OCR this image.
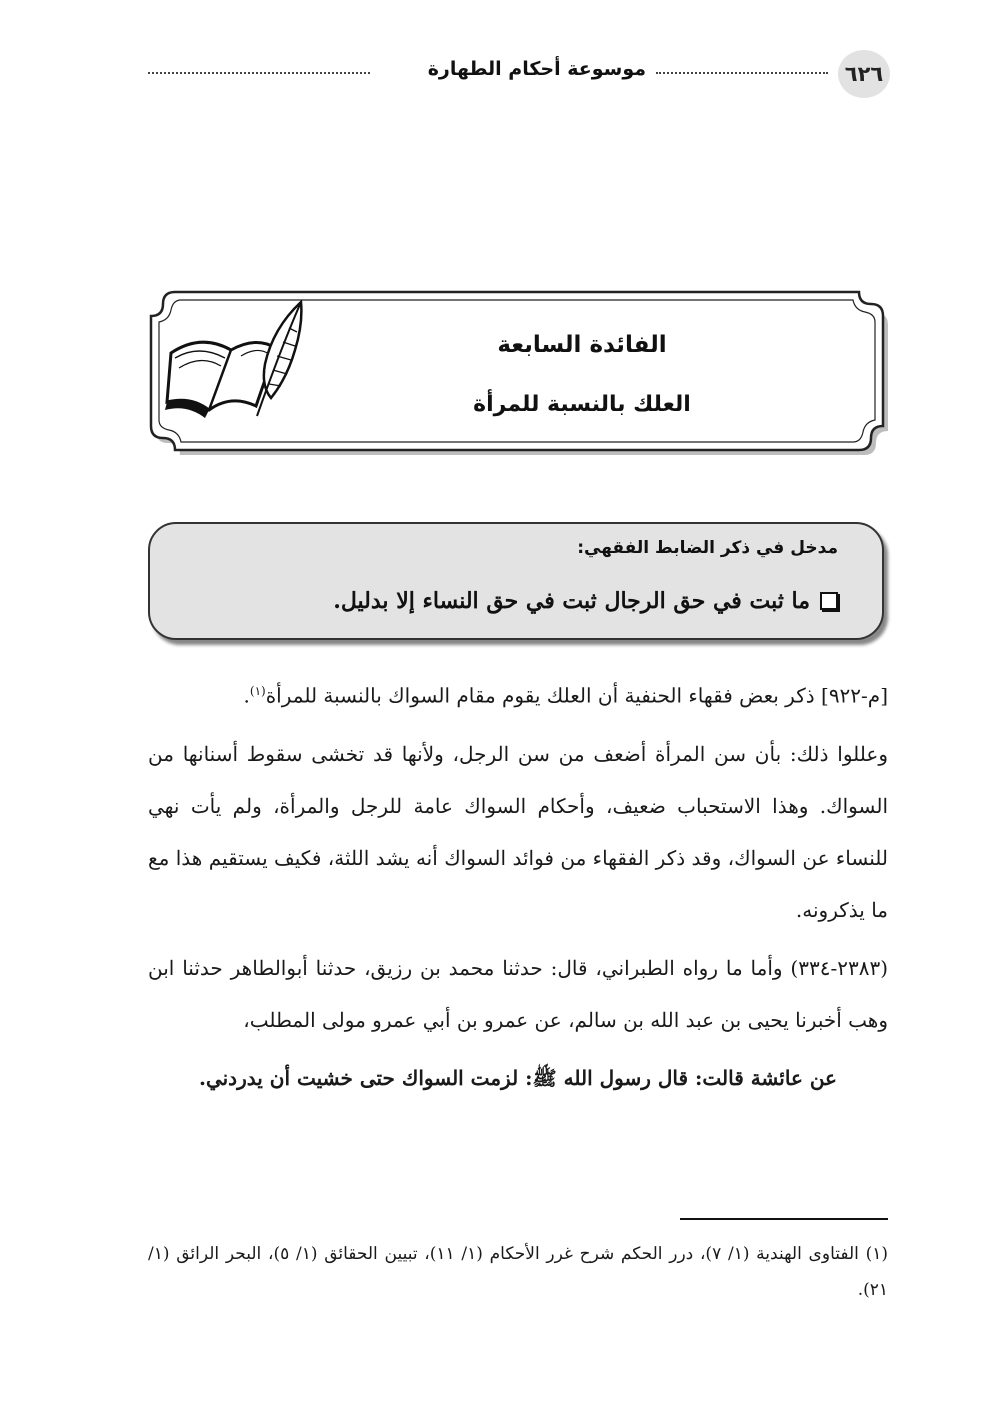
٦٢٦
موسوعة أحكام الطهارة
الفائدة السابعة
العلك بالنسبة للمرأة
مدخل في ذكر الضابط الفقهي:
ما ثبت في حق الرجال ثبت في حق النساء إلا بدليل.

[م-٩٢٢] ذكر بعض فقهاء الحنفية أن العلك يقوم مقام السواك بالنسبة للمرأة$^{(١)}$.

وعللوا ذلك: بأن سن المرأة أضعف من سن الرجل، ولأنها قد تخشى سقوط أسنانها من السواك. وهذا الاستحباب ضعيف، وأحكام السواك عامة للرجل والمرأة، ولم يأت نهي للنساء عن السواك، وقد ذكر الفقهاء من فوائد السواك أنه يشد اللثة، فكيف يستقيم هذا مع ما يذكرونه.

(٢٣٨٣-٣٣٤) وأما ما رواه الطبراني، قال: حدثنا محمد بن رزيق، حدثنا أبوالطاهر حدثنا ابن وهب أخبرنا يحيى بن عبد الله بن سالم، عن عمرو بن أبي عمرو مولى المطلب،

عن عائشة قالت: قال رسول الله ﷺ: لزمت السواك حتى خشيت أن يدردني.

(١) الفتاوى الهندية (١/ ٧)، درر الحكم شرح غرر الأحكام (١/ ١١)، تبيين الحقائق (١/ ٥)، البحر الرائق (١/ ٢١).
